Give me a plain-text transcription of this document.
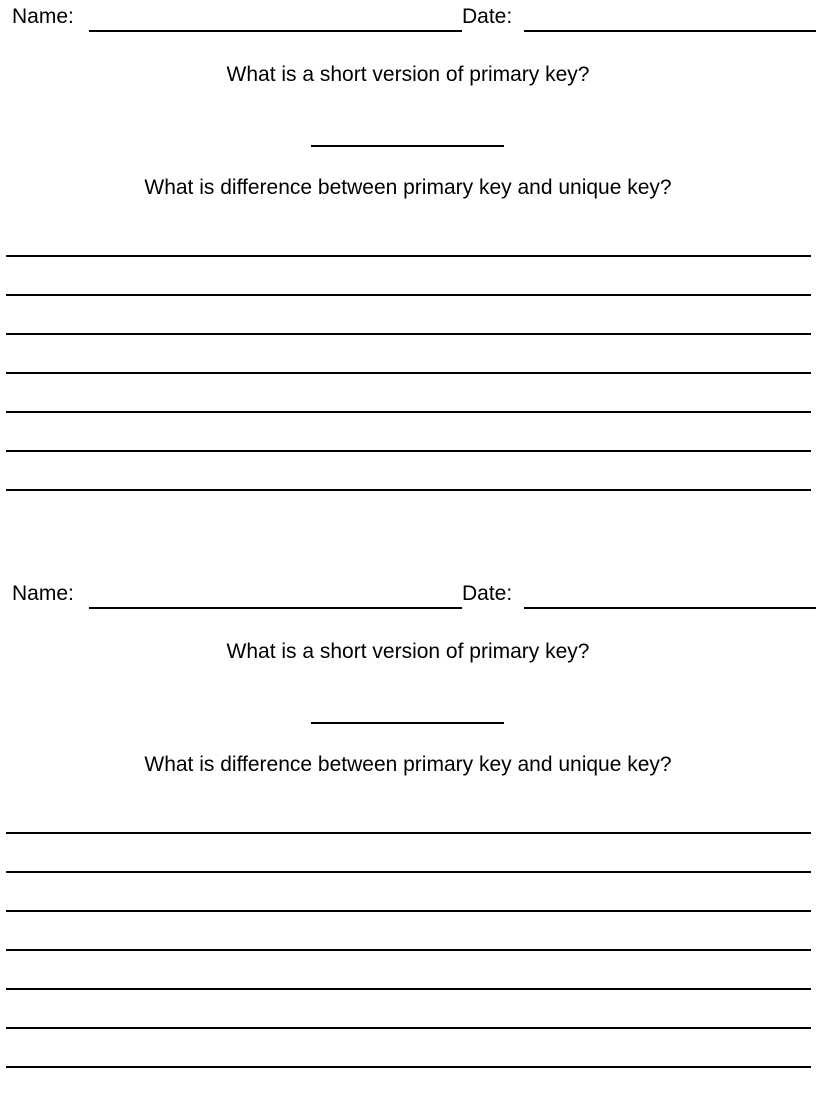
Name:	Date:
What is a short version of primary key?
What is difference between primary key and unique key?
Name:	Date:
What is a short version of primary key?
What is difference between primary key and unique key?
